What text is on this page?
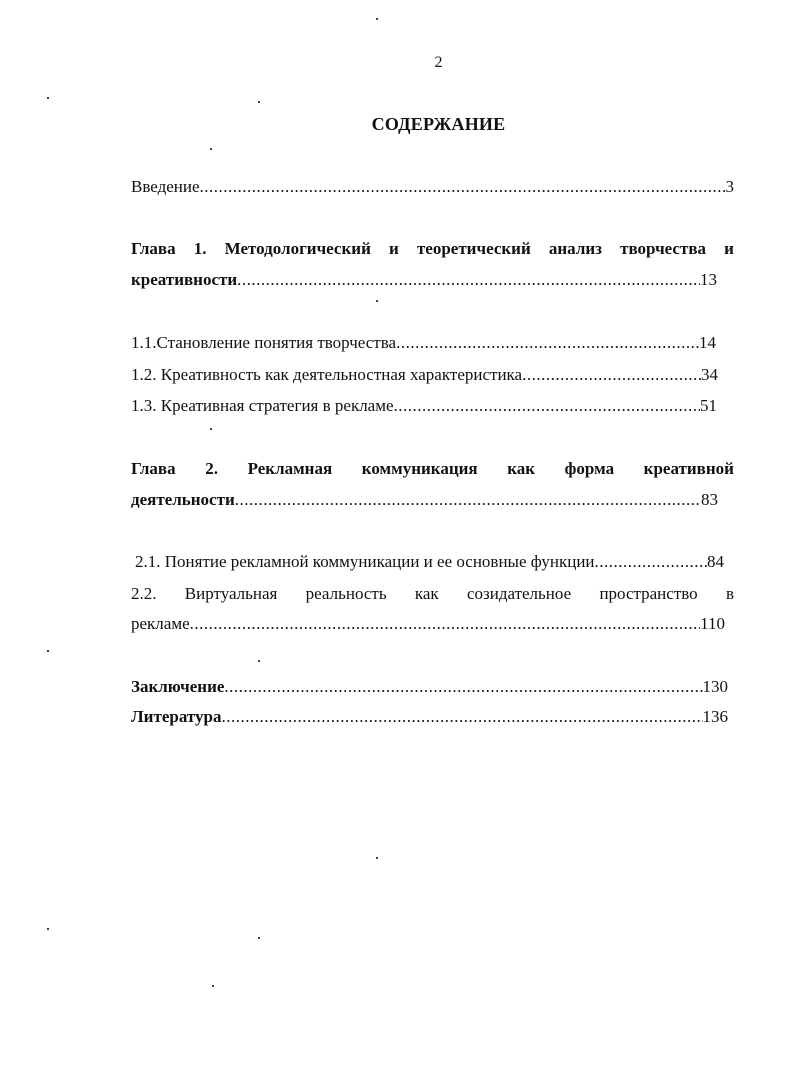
2
СОДЕРЖАНИЕ
Введение .....	3
Глава 1. Методологический и теоретический анализ творчества и
креативности .....	13
1.1.Становление понятия творчества .....	14
1.2. Креативность как деятельностная характеристика .....	34
1.3. Креативная стратегия в рекламе .....	51
Глава 2. Рекламная коммуникация как форма креативной
деятельности .....	83
2.1. Понятие рекламной коммуникации и ее основные функции .....	84
2.2. Виртуальная реальность как созидательное пространство в
рекламе .....	110
Заключение .....	130
Литература .....	136
